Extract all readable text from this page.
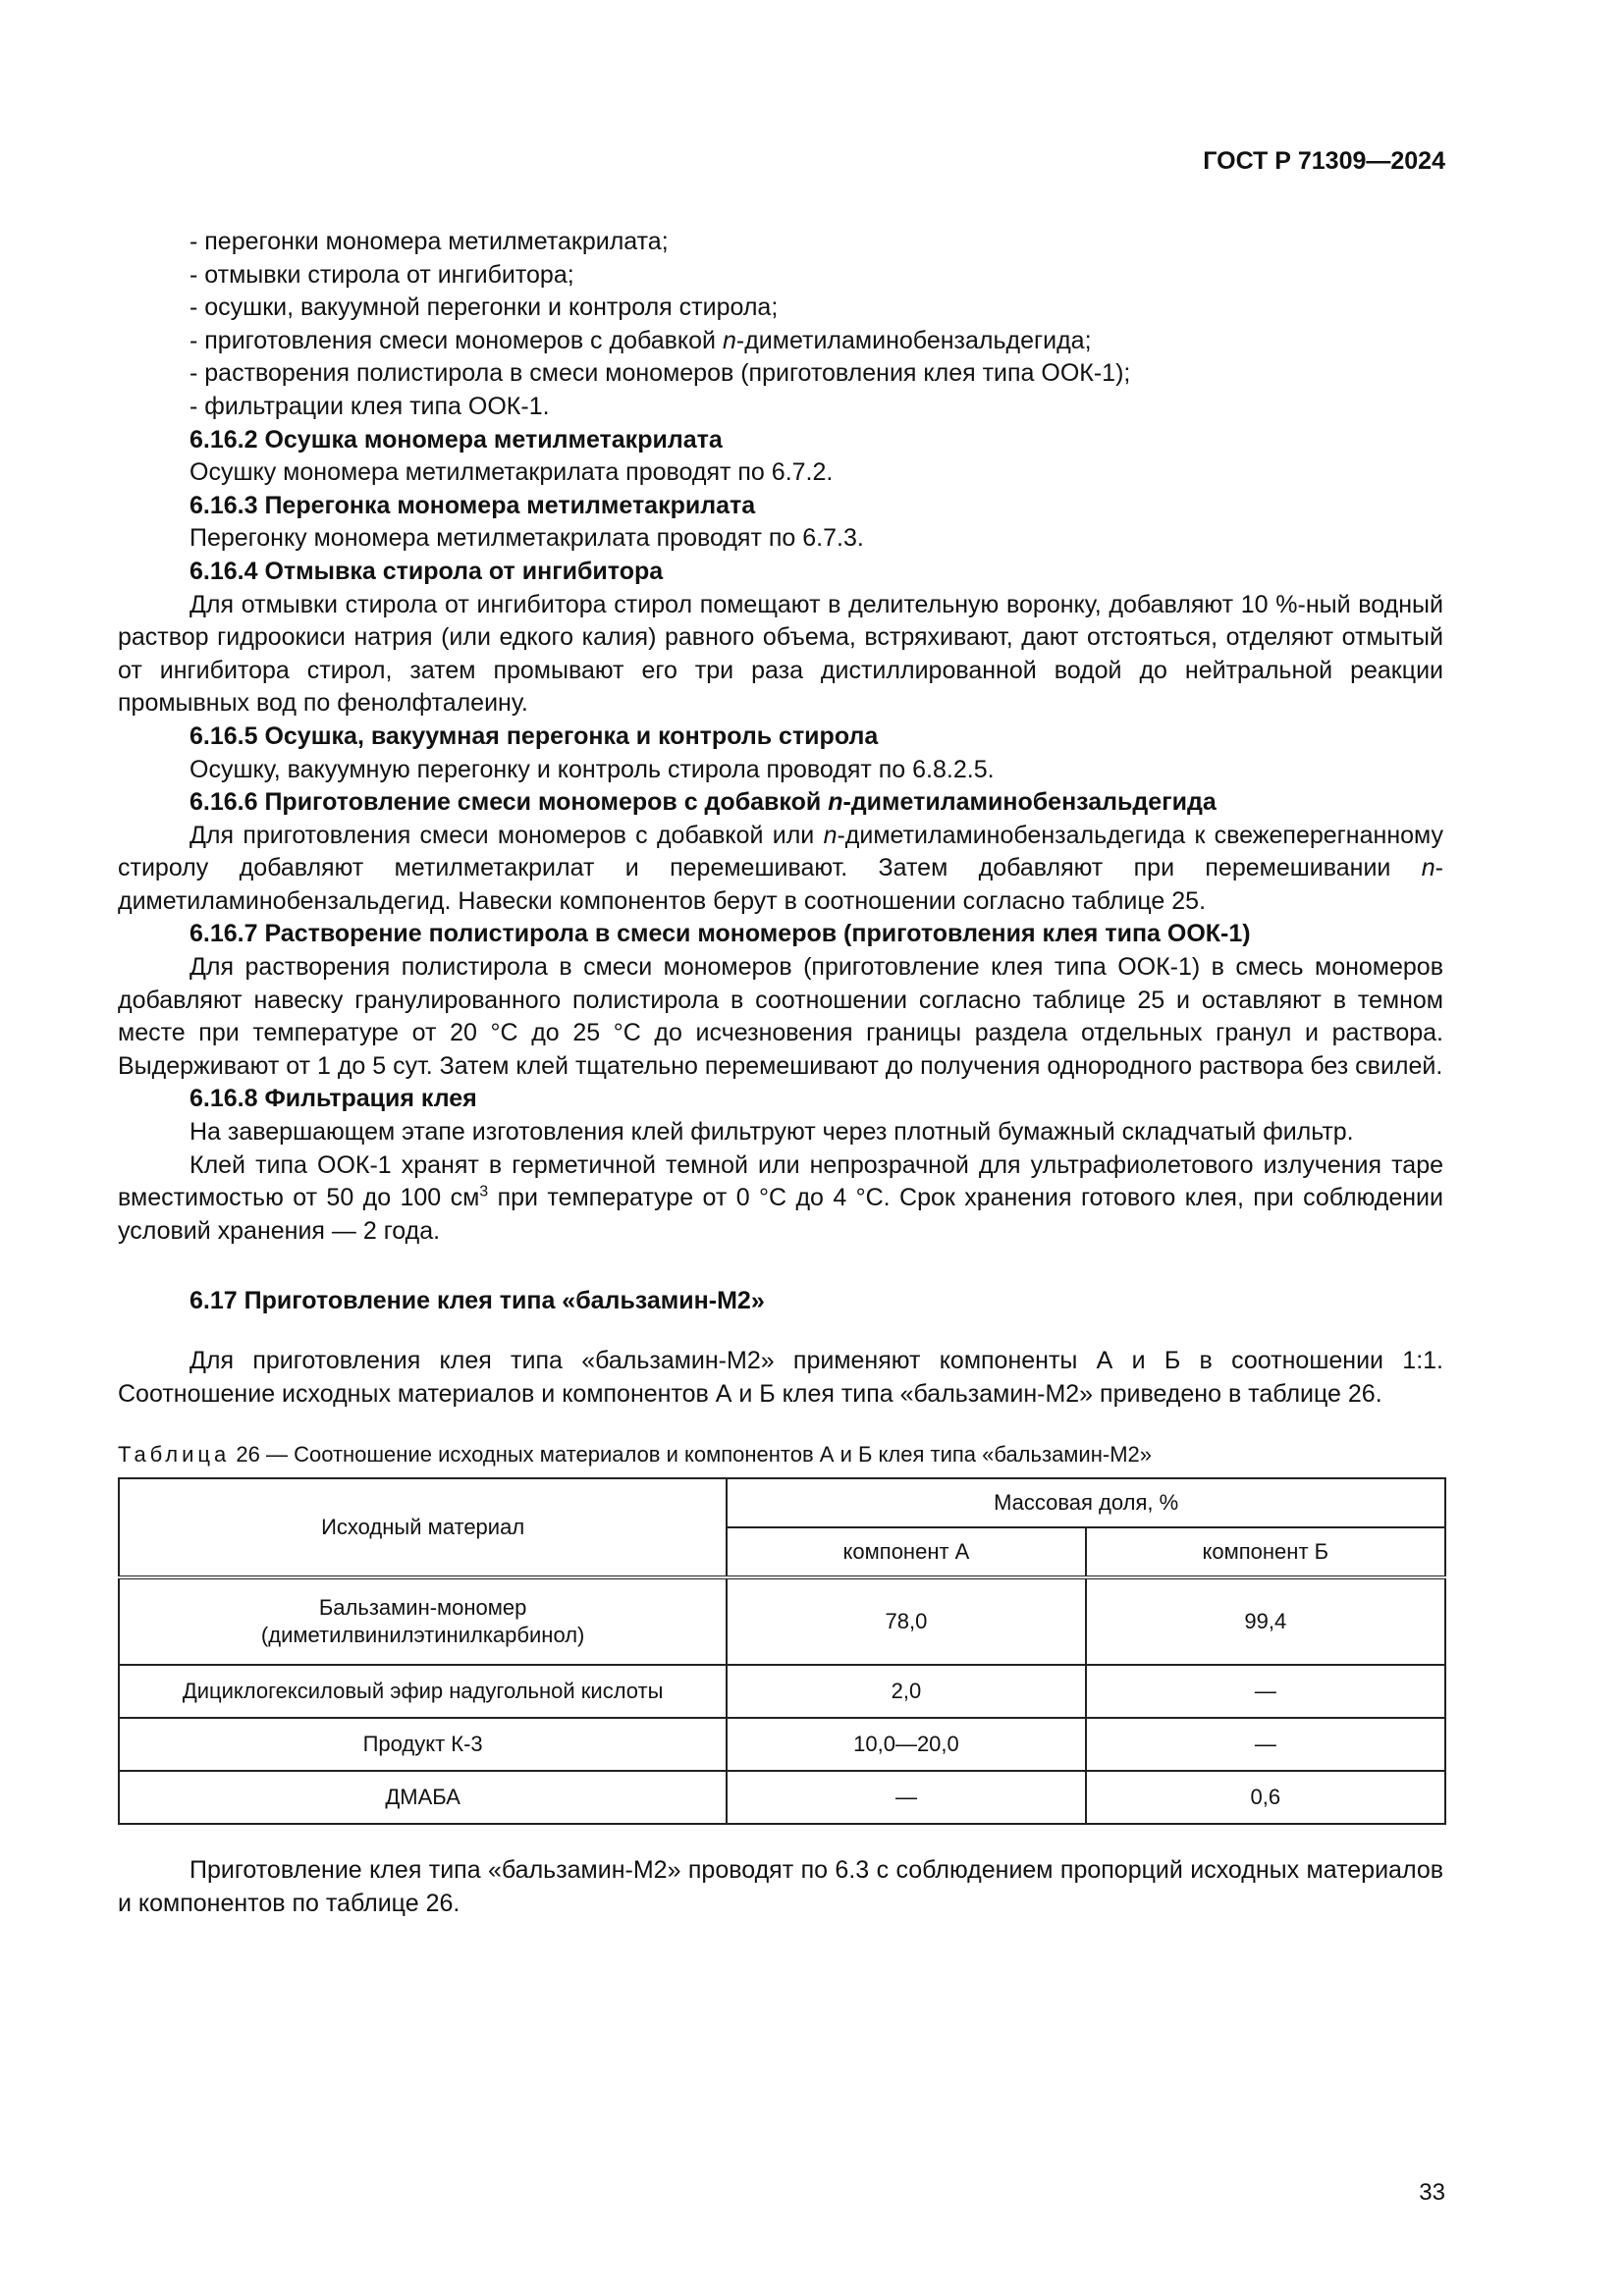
ГОСТ Р 71309—2024

- перегонки мономера метилметакрилата;

- отмывки стирола от ингибитора;

- осушки, вакуумной перегонки и контроля стирола;

- приготовления смеси мономеров с добавкой n-диметиламинобензальдегида;

- растворения полистирола в смеси мономеров (приготовления клея типа ООК-1);

- фильтрации клея типа ООК-1.

6.16.2 Осушка мономера метилметакрилата

Осушку мономера метилметакрилата проводят по 6.7.2.

6.16.3 Перегонка мономера метилметакрилата

Перегонку мономера метилметакрилата проводят по 6.7.3.

6.16.4 Отмывка стирола от ингибитора

Для отмывки стирола от ингибитора стирол помещают в делительную воронку, добавляют 10 %-ный водный раствор гидроокиси натрия (или едкого калия) равного объема, встряхивают, дают отстояться, отделяют отмытый от ингибитора стирол, затем промывают его три раза дистиллированной водой до нейтральной реакции промывных вод по фенолфталеину.

6.16.5 Осушка, вакуумная перегонка и контроль стирола

Осушку, вакуумную перегонку и контроль стирола проводят по 6.8.2.5.

6.16.6 Приготовление смеси мономеров с добавкой n-диметиламинобензальдегида

Для приготовления смеси мономеров с добавкой или n-диметиламинобензальдегида к свежеперегнанному стиролу добавляют метилметакрилат и перемешивают. Затем добавляют при перемешивании n-диметиламинобензальдегид. Навески компонентов берут в соотношении согласно таблице 25.

6.16.7 Растворение полистирола в смеси мономеров (приготовления клея типа ООК-1)

Для растворения полистирола в смеси мономеров (приготовление клея типа ООК-1) в смесь мономеров добавляют навеску гранулированного полистирола в соотношении согласно таблице 25 и оставляют в темном месте при температуре от 20 °С до 25 °С до исчезновения границы раздела отдельных гранул и раствора. Выдерживают от 1 до 5 сут. Затем клей тщательно перемешивают до получения однородного раствора без свилей.

6.16.8 Фильтрация клея

На завершающем этапе изготовления клей фильтруют через плотный бумажный складчатый фильтр.

Клей типа ООК-1 хранят в герметичной темной или непрозрачной для ультрафиолетового излучения таре вместимостью от 50 до 100 $см^3$ при температуре от 0 °С до 4 °С. Срок хранения готового клея, при соблюдении условий хранения — 2 года.

6.17 Приготовление клея типа «бальзамин-М2»

Для приготовления клея типа «бальзамин-М2» применяют компоненты А и Б в соотношении 1:1. Соотношение исходных материалов и компонентов А и Б клея типа «бальзамин-М2» приведено в таблице 26.

Таблица 26 — Соотношение исходных материалов и компонентов А и Б клея типа «бальзамин-М2»

Исходный материал	Массовая доля, %	
	компонент А	компонент Б
Бальзамин-мономер
(диметилвинилэтинилкарбинол)	78,0	99,4
Дициклогексиловый эфир надугольной кислоты	2,0	—
Продукт К-3	10,0—20,0	—
ДМАБА	—	0,6

Приготовление клея типа «бальзамин-М2» проводят по 6.3 с соблюдением пропорций исходных материалов и компонентов по таблице 26.

33
